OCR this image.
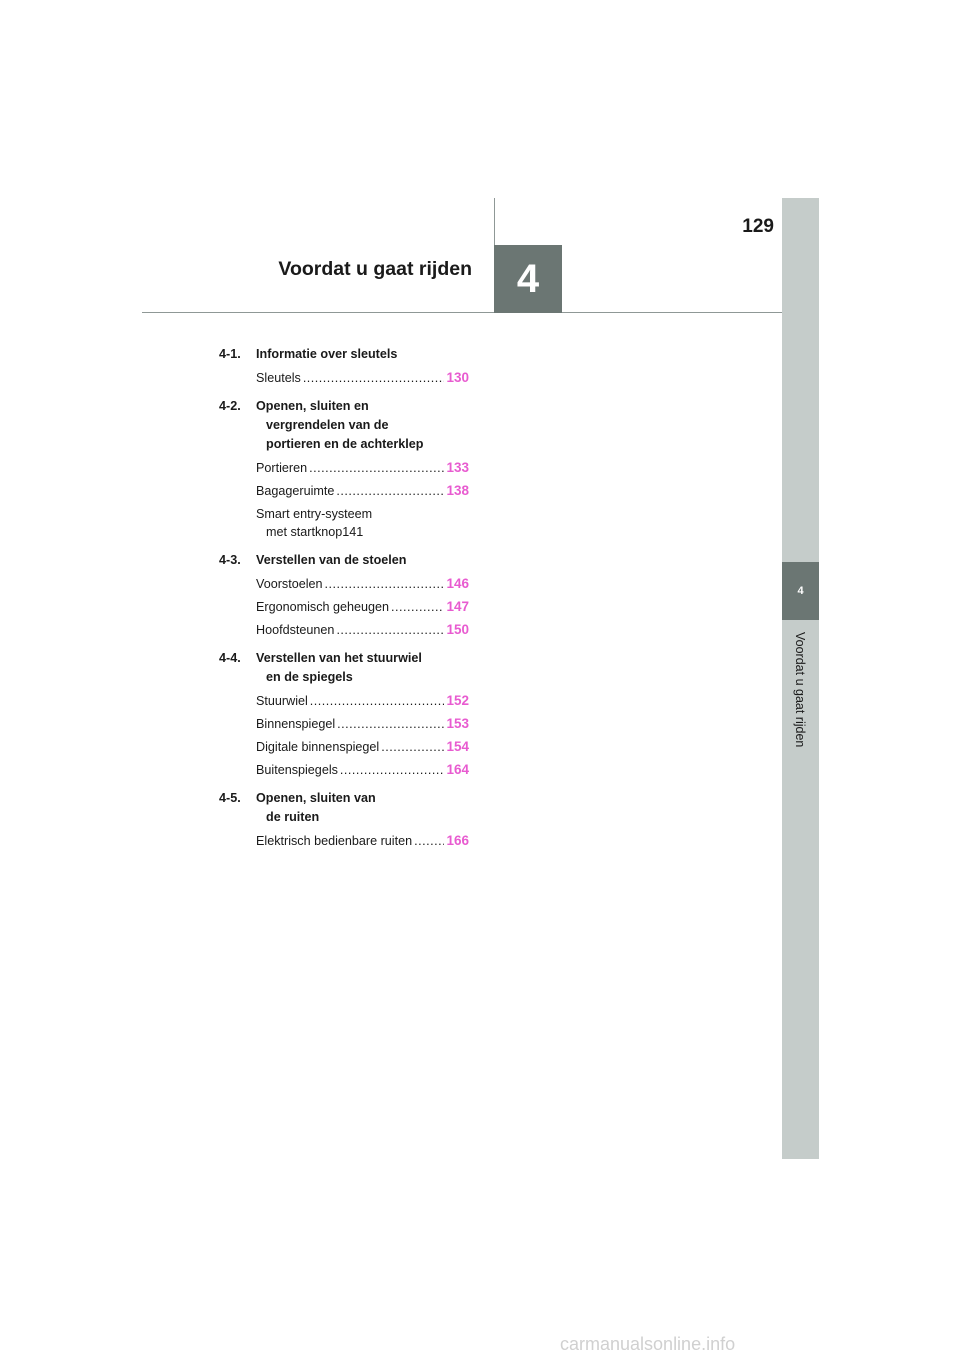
4
Voordat u gaat rijden
4
129
Voordat u gaat rijden
4-1.	Informatie over sleutels
Sleutels .....	130
4-2.	Openen, sluiten en
vergrendelen van de
portieren en de achterklep
Portieren .....	133
Bagageruimte .....	138
Smart entry-systeem
met startknop 141
4-3.	Verstellen van de stoelen
Voorstoelen .....	146
Ergonomisch geheugen .....	147
Hoofdsteunen .....	150
4-4.	Verstellen van het stuurwiel
en de spiegels
Stuurwiel .....	152
Binnenspiegel .....	153
Digitale binnenspiegel .....	154
Buitenspiegels .....	164
4-5.	Openen, sluiten van
de ruiten
Elektrisch bedienbare ruiten .....	166
carmanualsonline.info
